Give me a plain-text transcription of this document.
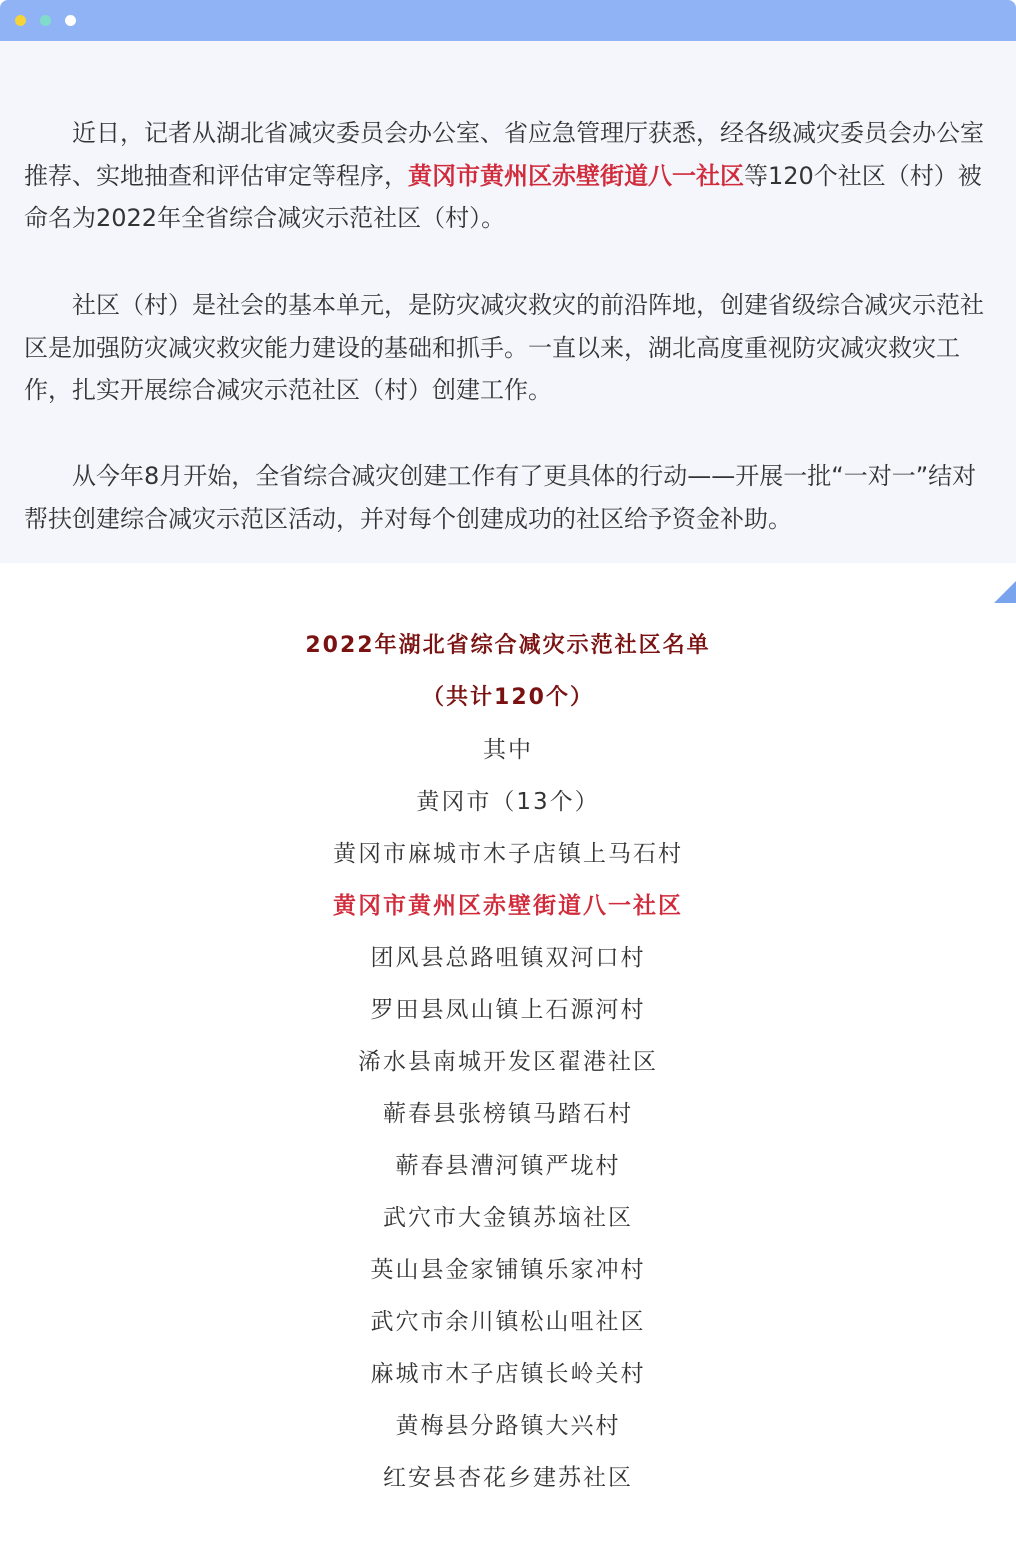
近日，记者从湖北省减灾委员会办公室、省应急管理厅获悉，经各级减灾委员会办公室推荐、实地抽查和评估审定等程序，黄冈市黄州区赤壁街道八一社区等120个社区（村）被命名为2022年全省综合减灾示范社区（村）。

社区（村）是社会的基本单元，是防灾减灾救灾的前沿阵地，创建省级综合减灾示范社区是加强防灾减灾救灾能力建设的基础和抓手。一直以来，湖北高度重视防灾减灾救灾工作，扎实开展综合减灾示范社区（村）创建工作。

从今年8月开始，全省综合减灾创建工作有了更具体的行动——开展一批“一对一”结对帮扶创建综合减灾示范区活动，并对每个创建成功的社区给予资金补助。

2022年湖北省综合减灾示范社区名单
（共计120个）
其中
黄冈市（13个）
黄冈市麻城市木子店镇上马石村
黄冈市黄州区赤壁街道八一社区
团风县总路咀镇双河口村
罗田县凤山镇上石源河村
浠水县南城开发区翟港社区
蕲春县张榜镇马踏石村
蕲春县漕河镇严垅村
武穴市大金镇苏垴社区
英山县金家铺镇乐家冲村
武穴市余川镇松山咀社区
麻城市木子店镇长岭关村
黄梅县分路镇大兴村
红安县杏花乡建苏社区
